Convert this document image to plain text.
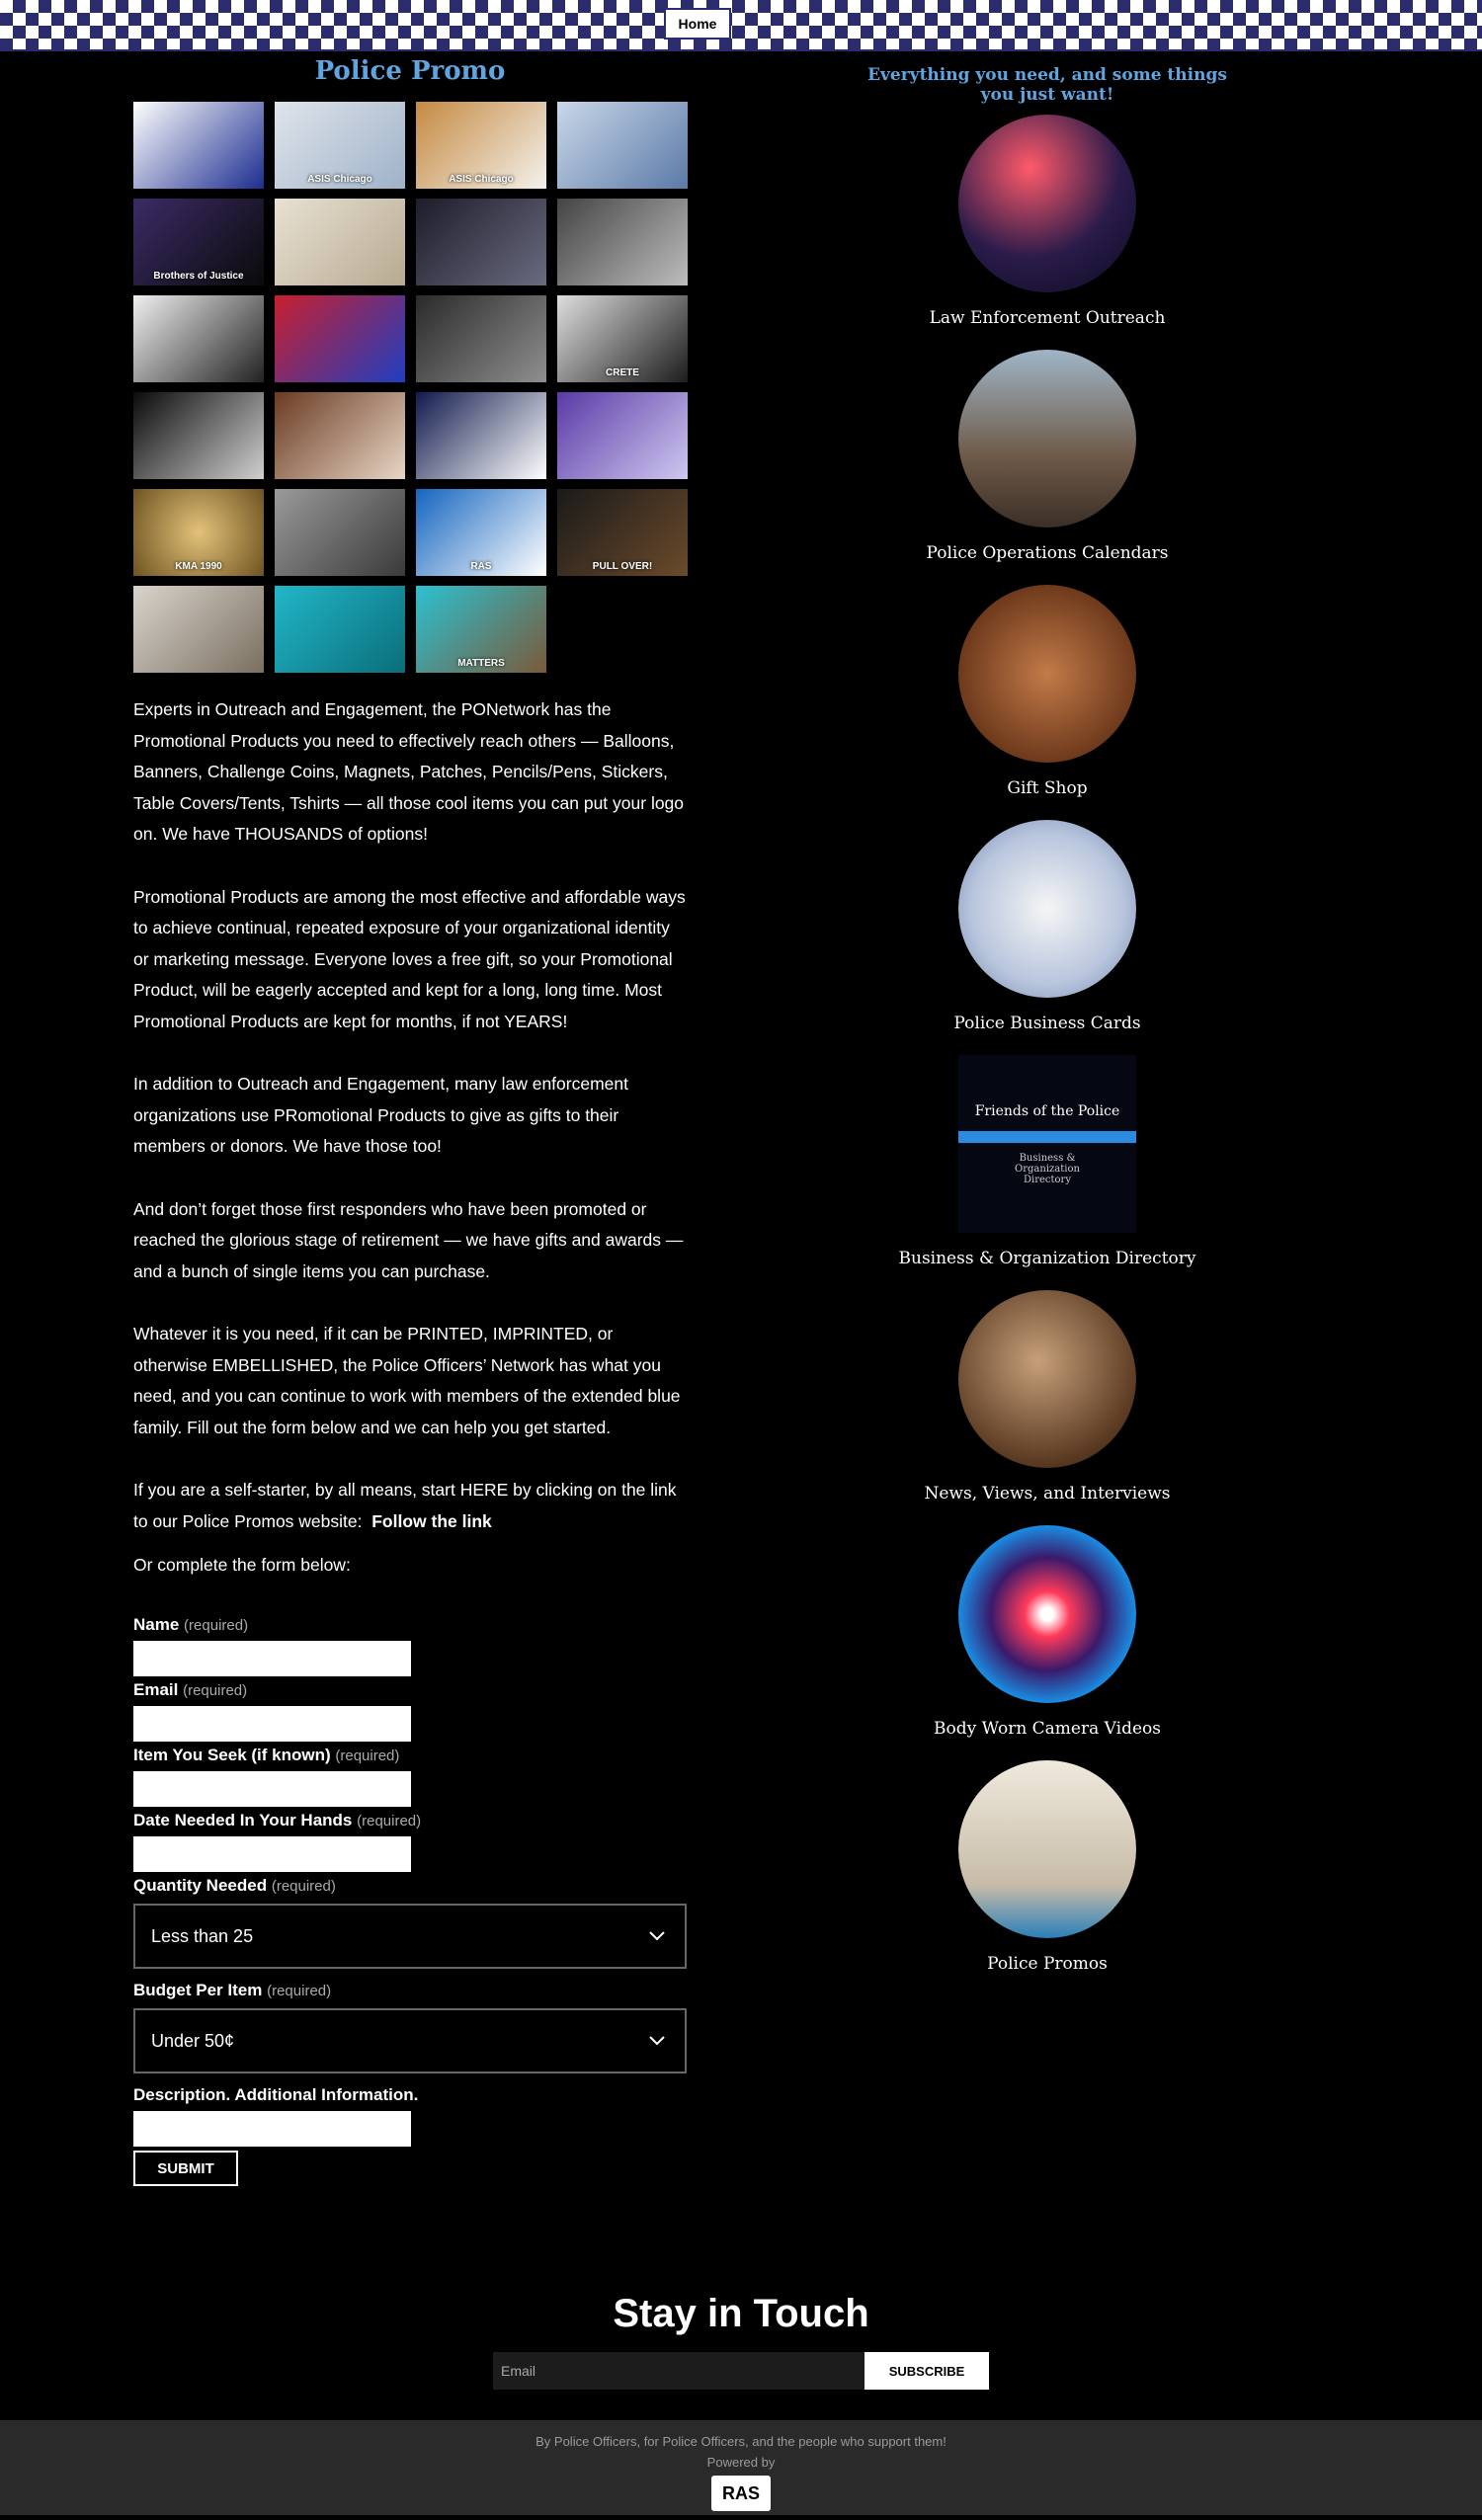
Home
Police Promo
ASIS Chicago	ASIS Chicago
Brothers of Justice
CRETE
KMA 1990	RAS	PULL OVER!
MATTERS

Experts in Outreach and Engagement, the PONetwork has the Promotional Products you need to effectively reach others — Balloons, Banners, Challenge Coins, Magnets, Patches, Pencils/Pens, Stickers, Table Covers/Tents, Tshirts — all those cool items you can put your logo on. We have THOUSANDS of options!

Promotional Products are among the most effective and affordable ways to achieve continual, repeated exposure of your organizational identity or marketing message. Everyone loves a free gift, so your Promotional Product, will be eagerly accepted and kept for a long, long time. Most Promotional Products are kept for months, if not YEARS!

In addition to Outreach and Engagement, many law enforcement organizations use PRomotional Products to give as gifts to their members or donors. We have those too!

And don’t forget those first responders who have been promoted or reached the glorious stage of retirement — we have gifts and awards — and a bunch of single items you can purchase.

Whatever it is you need, if it can be PRINTED, IMPRINTED, or otherwise EMBELLISHED, the Police Officers’ Network has what you need, and you can continue to work with members of the extended blue family. Fill out the form below and we can help you get started.

If you are a self-starter, by all means, start HERE by clicking on the link to our Police Promos website: Follow the link

Or complete the form below:
Name (required)
Email (required)
Item You Seek (if known) (required)
Date Needed In Your Hands (required)
Quantity Needed (required)
Less than 25
Budget Per Item (required)
Under 50¢
Description. Additional Information.
SUBMIT
Everything you need, and some things you just want!
Law Enforcement Outreach
Police Operations Calendars
Gift Shop
Police Business Cards
Friends of the Police
Business & Organization Directory
Business & Organization Directory
News, Views, and Interviews
Body Worn Camera Videos
Police Promos
Stay in Touch
Email	SUBSCRIBE
By Police Officers, for Police Officers, and the people who support them!
Powered by
RAS
